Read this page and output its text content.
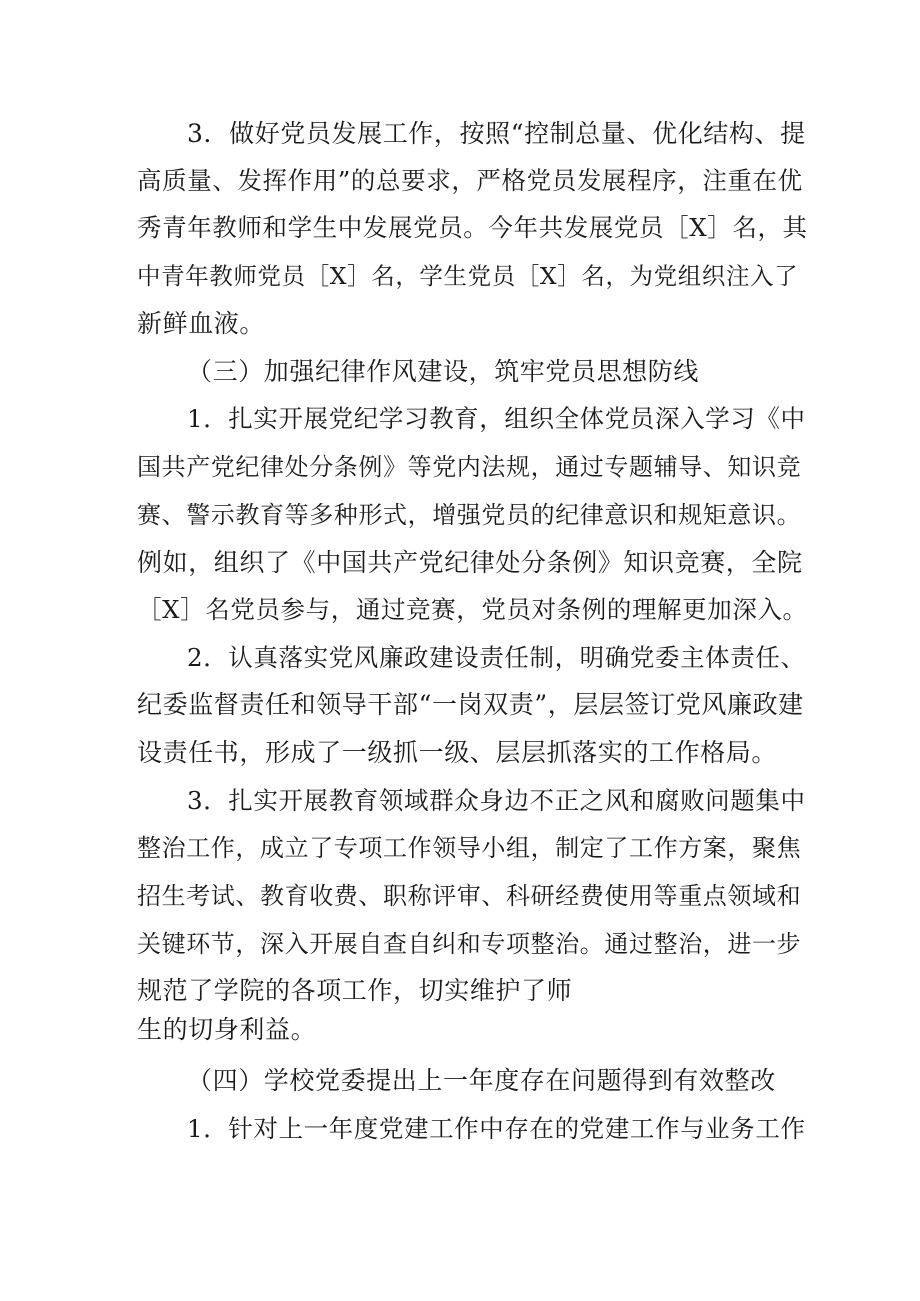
3．做好党员发展工作，按照“控制总量、优化结构、提
高质量、发挥作用”的总要求，严格党员发展程序，注重在优
秀青年教师和学生中发展党员。今年共发展党员［X］名，其
中青年教师党员［X］名，学生党员［X］名，为党组织注入了
新鲜血液。
（三）加强纪律作风建设，筑牢党员思想防线
1．扎实开展党纪学习教育，组织全体党员深入学习《中
国共产党纪律处分条例》等党内法规，通过专题辅导、知识竞
赛、警示教育等多种形式，增强党员的纪律意识和规矩意识。
例如，组织了《中国共产党纪律处分条例》知识竞赛，全院
［X］名党员参与，通过竞赛，党员对条例的理解更加深入。
2．认真落实党风廉政建设责任制，明确党委主体责任、
纪委监督责任和领导干部“一岗双责”，层层签订党风廉政建
设责任书，形成了一级抓一级、层层抓落实的工作格局。
3．扎实开展教育领域群众身边不正之风和腐败问题集中
整治工作，成立了专项工作领导小组，制定了工作方案，聚焦
招生考试、教育收费、职称评审、科研经费使用等重点领域和
关键环节，深入开展自查自纠和专项整治。通过整治，进一步
规范了学院的各项工作，切实维护了师
生的切身利益。
（四）学校党委提出上一年度存在问题得到有效整改
1．针对上一年度党建工作中存在的党建工作与业务工作
